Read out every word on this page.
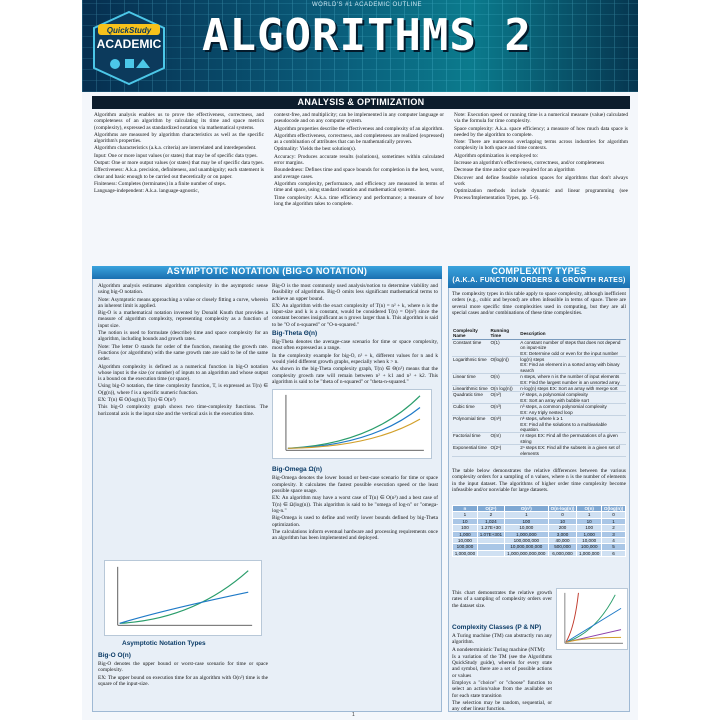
WORLD'S #1 ACADEMIC OUTLINE
QuickStudy
ACADEMIC ALGORITHMS 2
ANALYSIS & OPTIMIZATION

Algorithm analysis enables us to prove the effectiveness, correctness, and completeness of an algorithm by calculating its time and space metrics (complexity), expressed as standardized notation via mathematical systems.

Algorithms are measured by algorithm characteristics as well as the specific algorithm's properties.

Algorithm characteristics (a.k.a. criteria) are interrelated and interdependent.

Input: One or more input values (or states) that may be of specific data types.

Output: One or more output values (or states) that may be of specific data types.

Effectiveness: A.k.a. precision, definiteness, and unambiguity; each statement is clear and basic enough to be carried out theoretically or on paper.

Finiteness: Completes (terminates) in a finite number of steps.

Language-independent: A.k.a. language-agnostic,

context-free, and multiplicity; can be implemented in any computer language or pseudocode and on any computer system.

Algorithm properties describe the effectiveness and complexity of an algorithm.

Algorithm effectiveness, correctness, and completeness are realized (expressed) as a combination of attributes that can be mathematically proven.

Optimality: Yields the best solution(s).

Accuracy: Produces accurate results (solutions), sometimes within calculated error margins.

Boundedness: Defines time and space bounds for completion in the best, worst, and average cases.

Algorithm complexity, performance, and efficiency are measured in terms of time and space, using standard notation and mathematical systems.

Time complexity: A.k.a. time efficiency and performance; a measure of how long the algorithm takes to complete.

Note: Execution speed or running time is a numerical measure (value) calculated via the formula for time complexity.

Space complexity: A.k.a. space efficiency; a measure of how much data space is needed by the algorithm to complete.

Note: There are numerous overlapping terms across industries for algorithm complexity in both space and time contexts.

Algorithm optimization is employed to:

Increase an algorithm's effectiveness, correctness, and/or completeness

Decrease the time and/or space required for an algorithm

Discover and define feasible solution spaces for algorithms that don't always work

Optimization methods include dynamic and linear programming (see Process/Implementation Types, pp. 5-6).

ASYMPTOTIC NOTATION (BIG-O NOTATION)

Algorithm analysis estimates algorithm complexity in the asymptotic sense using big-O notation.

Note: Asymptotic means approaching a value or closely fitting a curve, wherein an inherent limit is applied.

Big-O is a mathematical notation invented by Donald Knuth that provides a measure of algorithm complexity, representing complexity as a function of input size.

The notion is used to formulate (describe) time and space complexity for an algorithm, including bounds and growth rates.

Note: The letter O stands for order of the function, meaning the growth rate. Functions (or algorithms) with the same growth rate are said to be of the same order.

Algorithm complexity is defined as a numerical function in big-O notation whose input is the size (or number) of inputs to an algorithm and whose output is a bound on the execution time (or space).

Using big-O notation, the time complexity function, T, is expressed as T(n) ∈ O(g(n)), where f is a specific numeric function.

EX: T(n) ∈ O(log(n)); T(n) ∈ O(n²)

This big-O complexity graph shows two time-complexity functions. The horizontal axis is the input size and the vertical axis is the execution time.

Asymptotic Notation Types
Big-O O(n)

Big-O denotes the upper bound or worst-case scenario for time or space complexity.

EX: The upper bound on execution time for an algorithm with O(n²) time is the square of the input-size.

Big-O is the most commonly used analysis/notion to determine viability and feasibility of algorithms. Big-O omits less significant mathematical terms to achieve an upper bound.

EX: An algorithm with the exact complexity of T(n) = n² + k, where n is the input-size and k is a constant, would be considered T(n) = O(n²) since the constant becomes insignificant as n grows larger than k. This algorithm is said to be "O of n-squared" or "O-n-squared."

Big-Theta Θ(n)

Big-Theta denotes the average-case scenario for time or space complexity, most often expressed as a range.

In the complexity example for big-O, n² + k, different values for n and k would yield different growth graphs, especially when k > n.

As shown in the big-Theta complexity graph, T(n) ∈ Θ(n²) means that the complexity growth rate will remain between n² + k1 and n² + k2. This algorithm is said to be "theta of n-squared" or "theta-n-squared."

Big-Omega Ω(n)

Big-Omega denotes the lower bound or best-case scenario for time or space complexity. It calculates the fastest possible execution speed or the least possible space usage.

EX: An algorithm may have a worst case of T(n) ∈ O(n²) and a best case of T(n) ∈ Ω(log(n)). This algorithm is said to be "omega of log-n" or "omega-log-n."

Big-Omega is used to define and verify lower bounds defined by big-Theta optimization.

The calculations inform eventual hardware and processing requirements once an algorithm has been implemented and deployed.

COMPLEXITY TYPES
(A.K.A. FUNCTION ORDERS & GROWTH RATES)

The complexity types in this table apply to space complexity, although inefficient orders (e.g., cubic and beyond) are often infeasible in terms of space. There are several more specific time complexities used in computing, but they are all special cases and/or combinations of these time complexities.

Complexity Name	Running Time	Description
Constant time	O(1)	A constant number of steps that does not depend on input-size
EX: Determine odd or even for the input number

Logarithmic time	O(log(n))	log(n) steps
EX: Find an element in a sorted array with binary search

Linear time	O(n)	n steps, where n is the number of input elements
EX: Find the largest number in an unsorted array

Linearithmic time	O(n log(n))	n·log(n) steps EX: Sort an array with merge sort

Quadratic time	O(n²)	n² steps, a polynomial complexity
EX: Sort an array with bubble sort

Cubic time	O(n³)	n³ steps, a common polynomial complexity
EX: Any triply nested loop

Polynomial time	O(nᵏ)	nᵏ steps, where k ≥ 1
EX: Find all the solutions to a multivariable equation.

Factorial time	O(n!)	n! steps EX: Find all the permutations of a given string

Exponential time	O(2ⁿ)	2ⁿ steps EX: Find all the subsets in a given set of elements

The table below demonstrates the relative differences between the various complexity orders for a sampling of n values, where n is the number of elements in the input dataset. The algorithms of higher order time complexity become infeasible and/or nonviable for large datasets.

n	O(2ⁿ)	O(n²)	O(n·log(n))	O(n)	O(log(n))
1	2	1	0	1	0
10	1,024	100	10	10	1
100	1.27E+30	10,000	200	100	2
1,000	1.07E+301	1,000,000	3,000	1,000	3
10,000		100,000,000	40,000	10,000	4
100,000		10,000,000,000	500,000	100,000	5
1,000,000		1,000,000,000,000	6,000,000	1,000,000	6

This chart demonstrates the relative growth rates of a sampling of complexity orders over the dataset size.

Complexity Classes (P & NP)

A Turing machine (TM) can abstractly run any algorithm.

A nondeterministic Turing machine (NTM):

Is a variation of the TM (see the Algorithms QuickStudy guide), wherein for every state and symbol, there are a set of possible actions or values

Employs a "choice" or "choose" function to select an action/value from the available set for each state transition

The selection may be random, sequential, or any other linear function.

1
